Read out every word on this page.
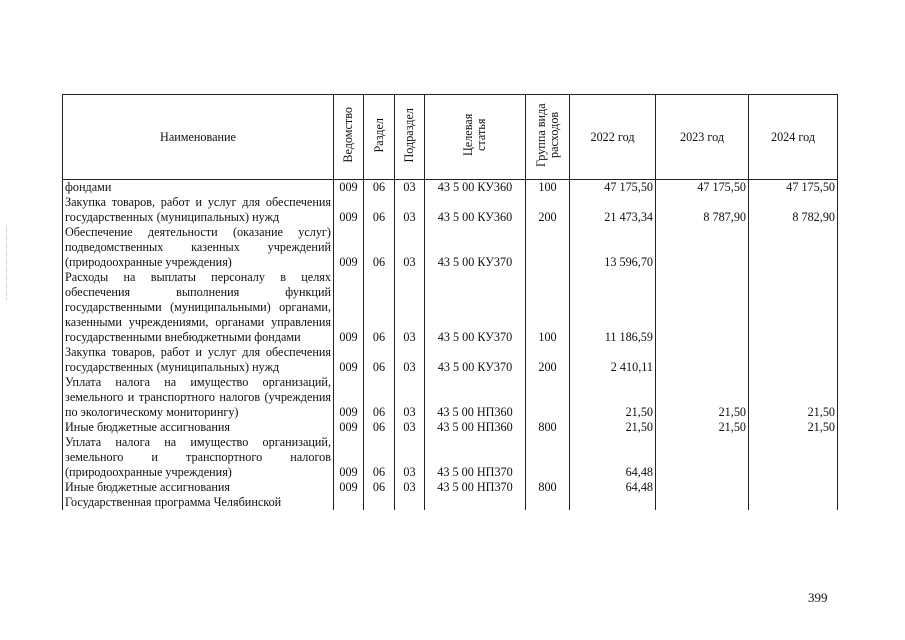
Наименование	Ведомство	Раздел	Подраздел	Целевая статья	Группа вида расходов	2022 год	2023 год	2024 год
фондами	009	06	03	43 5 00 КУ360	100	47 175,50	47 175,50	47 175,50
Закупка товаров, работ и услуг для обеспечения государственных (муниципальных) нужд	009	06	03	43 5 00 КУ360	200	21 473,34	8 787,90	8 782,90
Обеспечение деятельности (оказание услуг) подведомственных казенных учреждений (природоохранные учреждения)	009	06	03	43 5 00 КУ370		13 596,70		
Расходы на выплаты персоналу в целях обеспечения выполнения функций государственными (муниципальными) органами, казенными учреждениями, органами управления государственными внебюджетными фондами	009	06	03	43 5 00 КУ370	100	11 186,59		
Закупка товаров, работ и услуг для обеспечения государственных (муниципальных) нужд	009	06	03	43 5 00 КУ370	200	2 410,11		
Уплата налога на имущество организаций, земельного и транспортного налогов (учреждения по экологическому мониторингу)	009	06	03	43 5 00 НП360		21,50	21,50	21,50
Иные бюджетные ассигнования	009	06	03	43 5 00 НП360	800	21,50	21,50	21,50
Уплата налога на имущество организаций, земельного и транспортного налогов (природоохранные учреждения)	009	06	03	43 5 00 НП370		64,48		
Иные бюджетные ассигнования	009	06	03	43 5 00 НП370	800	64,48		
Государственная программа Челябинской								
399
